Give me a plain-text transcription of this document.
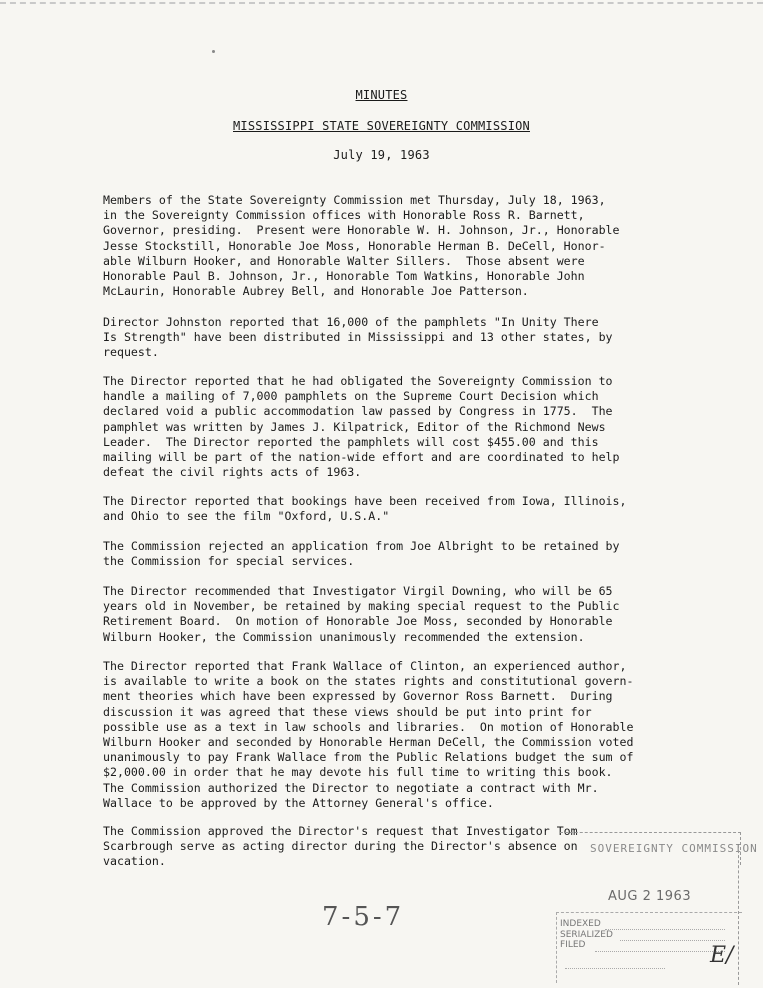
MINUTES
MISSISSIPPI STATE SOVEREIGNTY COMMISSION
July 19, 1963

Members of the State Sovereignty Commission met Thursday, July 18, 1963,
in the Sovereignty Commission offices with Honorable Ross R. Barnett,
Governor, presiding.  Present were Honorable W. H. Johnson, Jr., Honorable
Jesse Stockstill, Honorable Joe Moss, Honorable Herman B. DeCell, Honor-
able Wilburn Hooker, and Honorable Walter Sillers.  Those absent were
Honorable Paul B. Johnson, Jr., Honorable Tom Watkins, Honorable John
McLaurin, Honorable Aubrey Bell, and Honorable Joe Patterson.

Director Johnston reported that 16,000 of the pamphlets "In Unity There
Is Strength" have been distributed in Mississippi and 13 other states, by
request.

The Director reported that he had obligated the Sovereignty Commission to
handle a mailing of 7,000 pamphlets on the Supreme Court Decision which
declared void a public accommodation law passed by Congress in 1775.  The
pamphlet was written by James J. Kilpatrick, Editor of the Richmond News
Leader.  The Director reported the pamphlets will cost $455.00 and this
mailing will be part of the nation-wide effort and are coordinated to help
defeat the civil rights acts of 1963.

The Director reported that bookings have been received from Iowa, Illinois,
and Ohio to see the film "Oxford, U.S.A."

The Commission rejected an application from Joe Albright to be retained by
the Commission for special services.

The Director recommended that Investigator Virgil Downing, who will be 65
years old in November, be retained by making special request to the Public
Retirement Board.  On motion of Honorable Joe Moss, seconded by Honorable
Wilburn Hooker, the Commission unanimously recommended the extension.

The Director reported that Frank Wallace of Clinton, an experienced author,
is available to write a book on the states rights and constitutional govern-
ment theories which have been expressed by Governor Ross Barnett.  During
discussion it was agreed that these views should be put into print for
possible use as a text in law schools and libraries.  On motion of Honorable
Wilburn Hooker and seconded by Honorable Herman DeCell, the Commission voted
unanimously to pay Frank Wallace from the Public Relations budget the sum of
$2,000.00 in order that he may devote his full time to writing this book.
The Commission authorized the Director to negotiate a contract with Mr.
Wallace to be approved by the Attorney General's office.

The Commission approved the Director's request that Investigator Tom
Scarbrough serve as acting director during the Director's absence on
vacation.

7-5-7
SOVEREIGNTY COMMISSION
AUG 2 1963
INDEXED
SERIALIZED
FILED	E/
